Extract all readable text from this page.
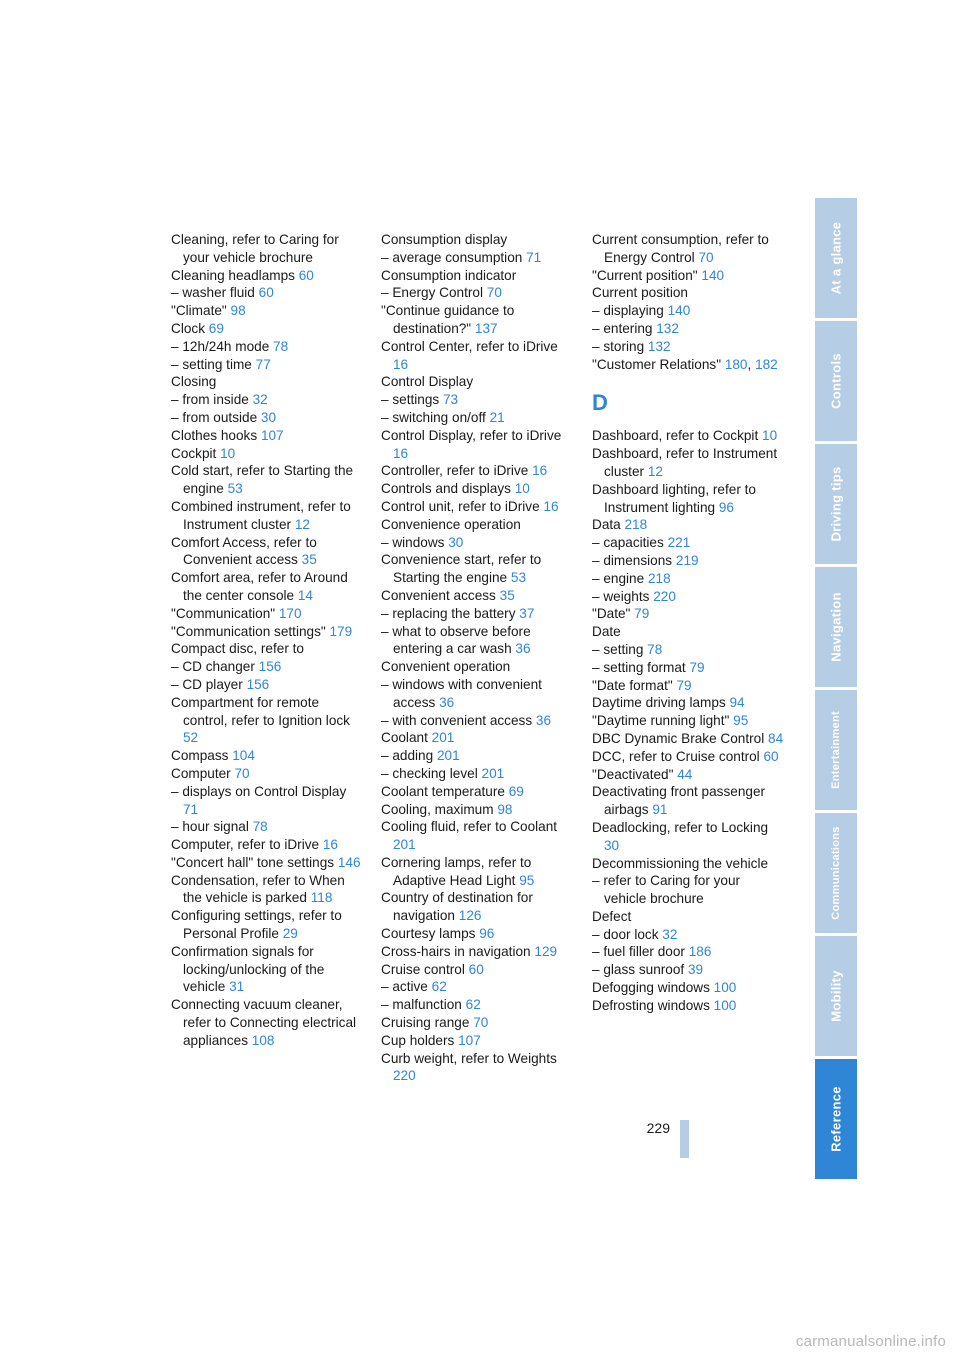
Cleaning, refer to Caring for your vehicle brochure
Cleaning headlamps 60
– washer fluid 60
"Climate" 98
Clock 69
– 12h/24h mode 78
– setting time 77
Closing
– from inside 32
– from outside 30
Clothes hooks 107
Cockpit 10
Cold start, refer to Starting the engine 53
Combined instrument, refer to Instrument cluster 12
Comfort Access, refer to Convenient access 35
Comfort area, refer to Around the center console 14
"Communication" 170
"Communication settings" 179
Compact disc, refer to
– CD changer 156
– CD player 156
Compartment for remote control, refer to Ignition lock 52
Compass 104
Computer 70
– displays on Control Display 71
– hour signal 78
Computer, refer to iDrive 16
"Concert hall" tone settings 146
Condensation, refer to When the vehicle is parked 118
Configuring settings, refer to Personal Profile 29
Confirmation signals for locking/unlocking of the vehicle 31
Connecting vacuum cleaner, refer to Connecting electrical appliances 108
Consumption display
– average consumption 71
Consumption indicator
– Energy Control 70
"Continue guidance to destination?" 137
Control Center, refer to iDrive 16
Control Display
– settings 73
– switching on/off 21
Control Display, refer to iDrive 16
Controller, refer to iDrive 16
Controls and displays 10
Control unit, refer to iDrive 16
Convenience operation
– windows 30
Convenience start, refer to Starting the engine 53
Convenient access 35
– replacing the battery 37
– what to observe before entering a car wash 36
Convenient operation
– windows with convenient access 36
– with convenient access 36
Coolant 201
– adding 201
– checking level 201
Coolant temperature 69
Cooling, maximum 98
Cooling fluid, refer to Coolant 201
Cornering lamps, refer to Adaptive Head Light 95
Country of destination for navigation 126
Courtesy lamps 96
Cross-hairs in navigation 129
Cruise control 60
– active 62
– malfunction 62
Cruising range 70
Cup holders 107
Curb weight, refer to Weights 220
Current consumption, refer to Energy Control 70
"Current position" 140
Current position
– displaying 140
– entering 132
– storing 132
"Customer Relations" 180, 182
D
Dashboard, refer to Cockpit 10
Dashboard, refer to Instrument cluster 12
Dashboard lighting, refer to Instrument lighting 96
Data 218
– capacities 221
– dimensions 219
– engine 218
– weights 220
"Date" 79
Date
– setting 78
– setting format 79
"Date format" 79
Daytime driving lamps 94
"Daytime running light" 95
DBC Dynamic Brake Control 84
DCC, refer to Cruise control 60
"Deactivated" 44
Deactivating front passenger airbags 91
Deadlocking, refer to Locking 30
Decommissioning the vehicle
– refer to Caring for your vehicle brochure
Defect
– door lock 32
– fuel filler door 186
– glass sunroof 39
Defogging windows 100
Defrosting windows 100
At a glance
Controls
Driving tips
Navigation
Entertainment
Communications
Mobility
Reference
229
carmanualsonline.info
